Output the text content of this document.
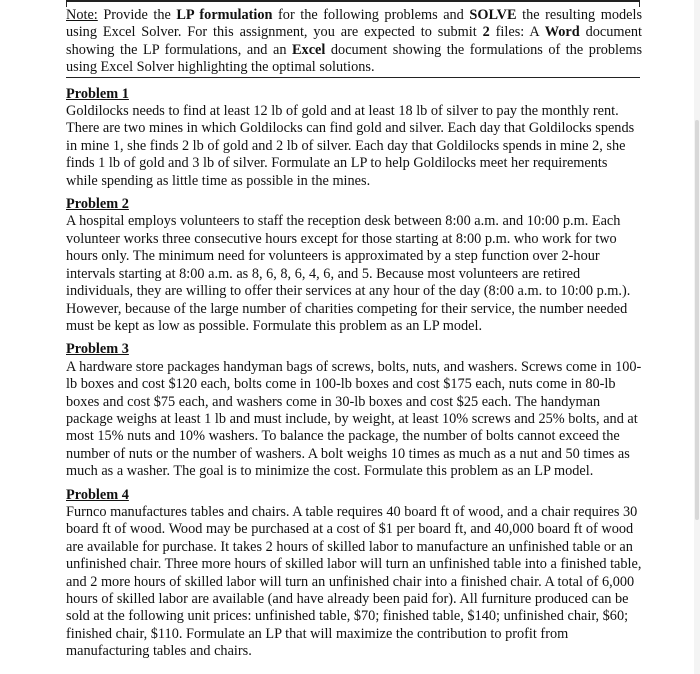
Note: Provide the LP formulation for the following problems and SOLVE the resulting models using Excel Solver. For this assignment, you are expected to submit 2 files: A Word document showing the LP formulations, and an Excel document showing the formulations of the problems using Excel Solver highlighting the optimal solutions.

Problem 1

Goldilocks needs to find at least 12 lb of gold and at least 18 lb of silver to pay the monthly rent. There are two mines in which Goldilocks can find gold and silver. Each day that Goldilocks spends in mine 1, she finds 2 lb of gold and 2 lb of silver. Each day that Goldilocks spends in mine 2, she finds 1 lb of gold and 3 lb of silver. Formulate an LP to help Goldilocks meet her requirements while spending as little time as possible in the mines.

Problem 2

A hospital employs volunteers to staff the reception desk between 8:00 a.m. and 10:00 p.m. Each volunteer works three consecutive hours except for those starting at 8:00 p.m. who work for two hours only. The minimum need for volunteers is approximated by a step function over 2-hour intervals starting at 8:00 a.m. as 8, 6, 8, 6, 4, 6, and 5. Because most volunteers are retired individuals, they are willing to offer their services at any hour of the day (8:00 a.m. to 10:00 p.m.). However, because of the large number of charities competing for their service, the number needed must be kept as low as possible. Formulate this problem as an LP model.

Problem 3

A hardware store packages handyman bags of screws, bolts, nuts, and washers. Screws come in 100-lb boxes and cost $120 each, bolts come in 100-lb boxes and cost $175 each, nuts come in 80-lb boxes and cost $75 each, and washers come in 30-lb boxes and cost $25 each. The handyman package weighs at least 1 lb and must include, by weight, at least 10% screws and 25% bolts, and at most 15% nuts and 10% washers. To balance the package, the number of bolts cannot exceed the number of nuts or the number of washers. A bolt weighs 10 times as much as a nut and 50 times as much as a washer. The goal is to minimize the cost. Formulate this problem as an LP model.

Problem 4

Furnco manufactures tables and chairs. A table requires 40 board ft of wood, and a chair requires 30 board ft of wood. Wood may be purchased at a cost of $1 per board ft, and 40,000 board ft of wood are available for purchase. It takes 2 hours of skilled labor to manufacture an unfinished table or an unfinished chair. Three more hours of skilled labor will turn an unfinished table into a finished table, and 2 more hours of skilled labor will turn an unfinished chair into a finished chair. A total of 6,000 hours of skilled labor are available (and have already been paid for). All furniture produced can be sold at the following unit prices: unfinished table, $70; finished table, $140; unfinished chair, $60; finished chair, $110. Formulate an LP that will maximize the contribution to profit from manufacturing tables and chairs.
